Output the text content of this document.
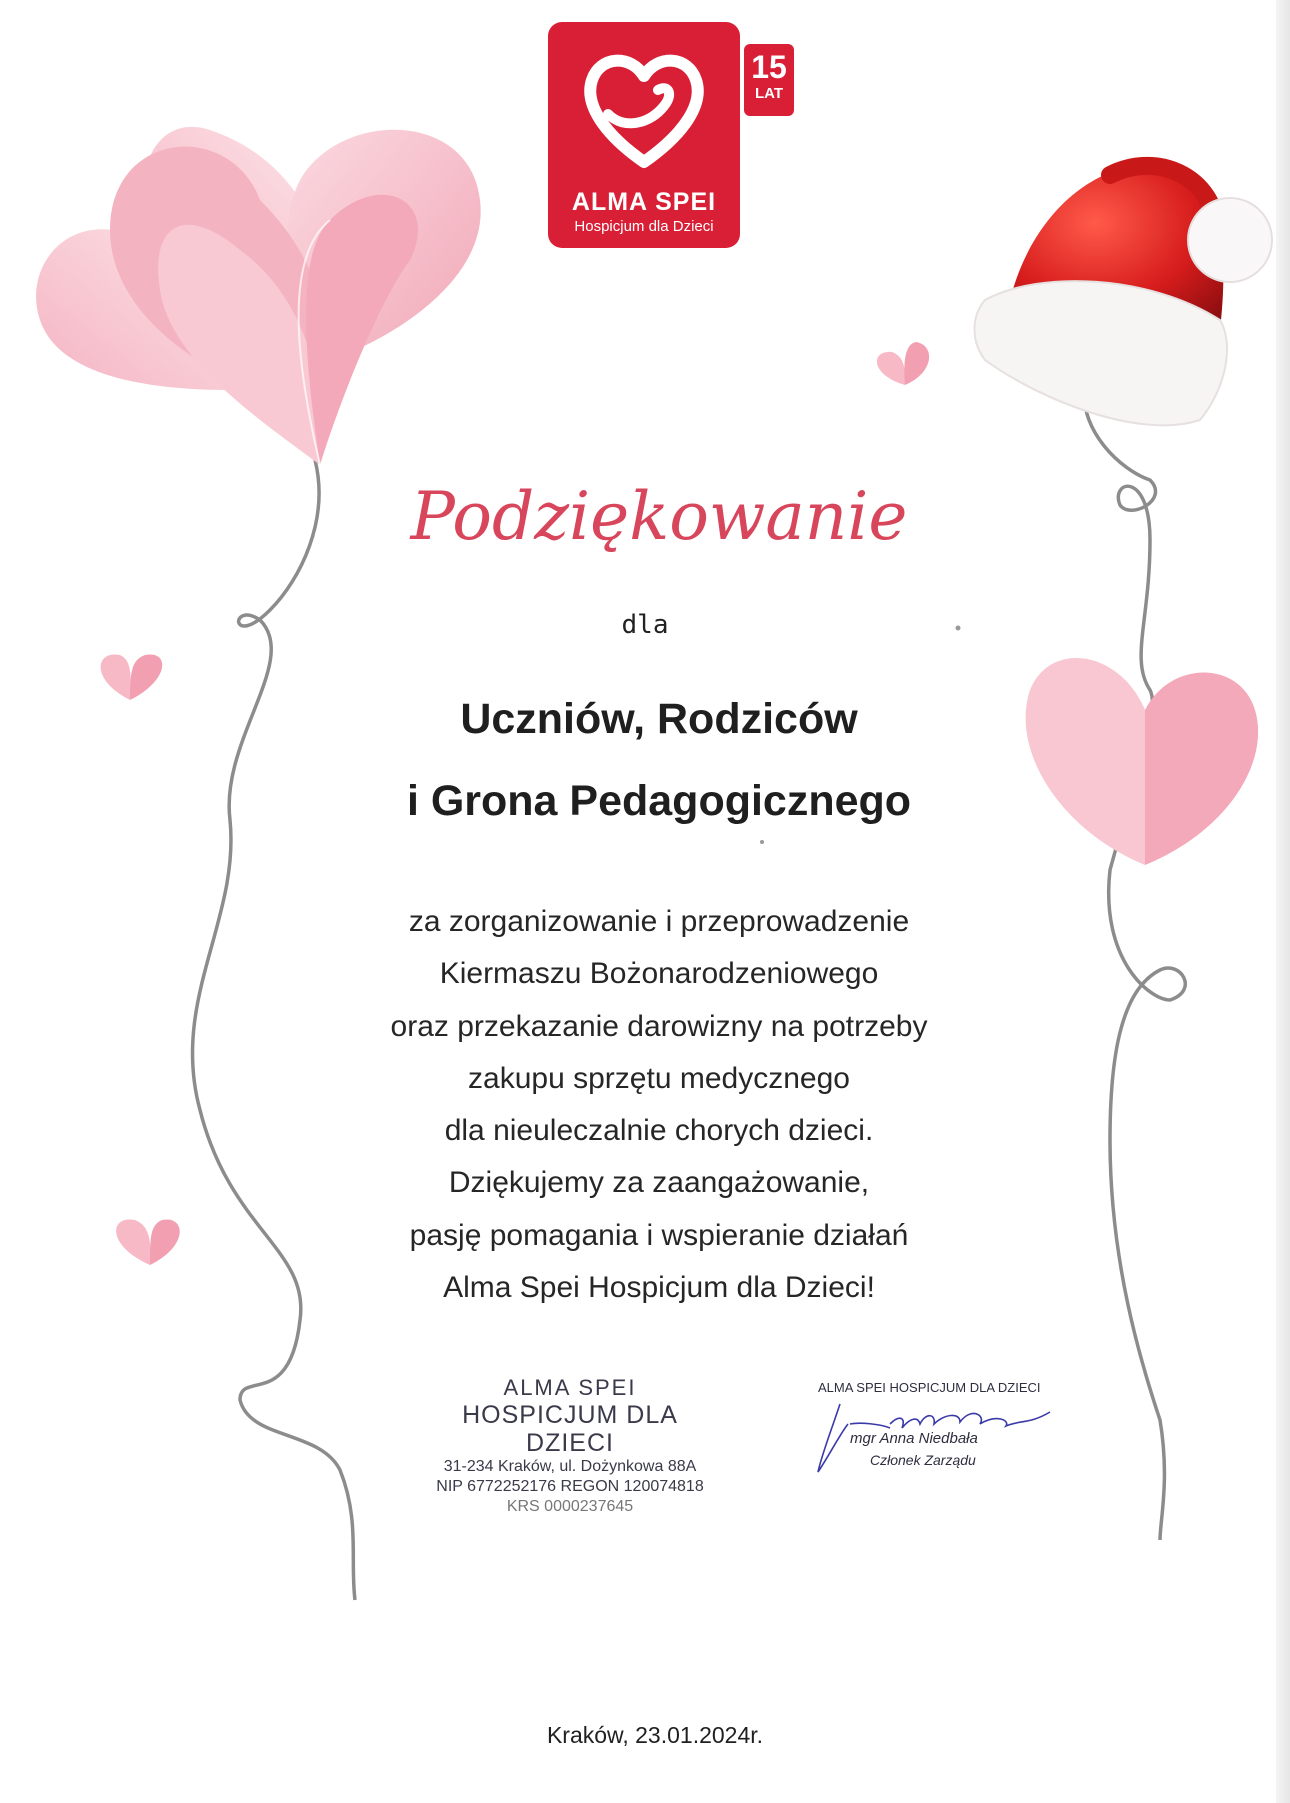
ALMA SPEI
Hospicjum dla Dzieci
15
LAT
Podziękowanie
dla
Uczniów, Rodziców
i Grona Pedagogicznego
za zorganizowanie i przeprowadzenie
Kiermaszu Bożonarodzeniowego
oraz przekazanie darowizny na potrzeby
zakupu sprzętu medycznego
dla nieuleczalnie chorych dzieci.
Dziękujemy za zaangażowanie,
pasję pomagania i wspieranie działań
Alma Spei Hospicjum dla Dzieci!
ALMA SPEI
HOSPICJUM DLA DZIECI
31-234 Kraków, ul. Dożynkowa 88A
NIP 6772252176 REGON 120074818
KRS 0000237645
ALMA SPEI HOSPICJUM DLA DZIECI
mgr Anna Niedbała
Członek Zarządu
Kraków, 23.01.2024r.
